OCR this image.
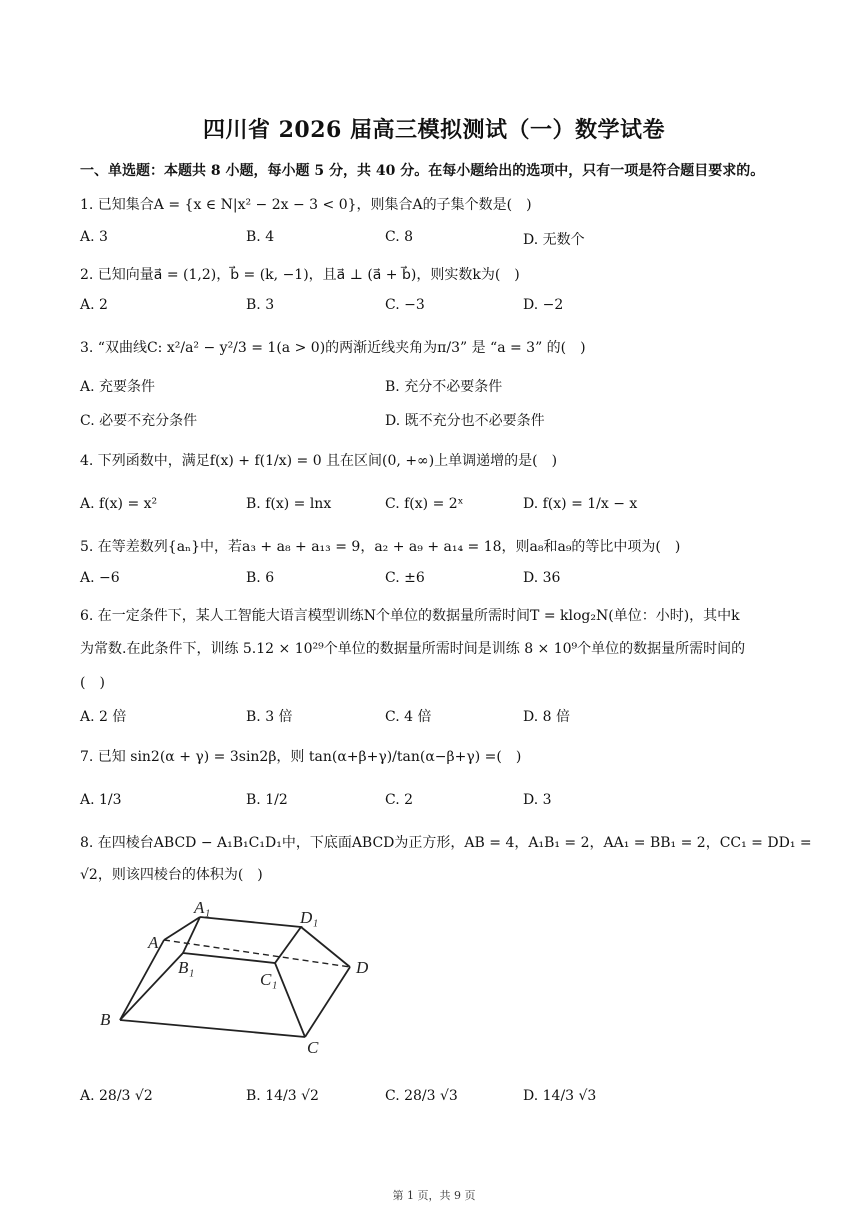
四川省 2026 届高三模拟测试（一）数学试卷
一、单选题：本题共 8 小题，每小题 5 分，共 40 分。在每小题给出的选项中，只有一项是符合题目要求的。
1. 已知集合A = {x ∈ N|x² − 2x − 3 < 0}，则集合A的子集个数是(　)
A. 3	B. 4	C. 8	D. 无数个
2. 已知向量a⃗ = (1,2)，b⃗ = (k, −1)，且a⃗ ⊥ (a⃗ + b⃗)，则实数k为(　)
A. 2	B. 3	C. −3	D. −2
3. “双曲线C: x²/a² − y²/3 = 1(a > 0)的两渐近线夹角为π/3” 是 “a = 3” 的(　)
A. 充要条件	B. 充分不必要条件
C. 必要不充分条件	D. 既不充分也不必要条件
4. 下列函数中，满足f(x) + f(1/x) = 0 且在区间(0, +∞)上单调递增的是(　)
A. f(x) = x²	B. f(x) = lnx	C. f(x) = 2ˣ	D. f(x) = 1/x − x
5. 在等差数列{aₙ}中，若a₃ + a₈ + a₁₃ = 9，a₂ + a₉ + a₁₄ = 18，则a₈和a₉的等比中项为(　)
A. −6	B. 6	C. ±6	D. 36
6. 在一定条件下，某人工智能大语言模型训练N个单位的数据量所需时间T = klog₂N(单位：小时)，其中k
为常数.在此条件下，训练 5.12 × 10²⁹个单位的数据量所需时间是训练 8 × 10⁹个单位的数据量所需时间的
(　)
A. 2 倍	B. 3 倍	C. 4 倍	D. 8 倍
7. 已知 sin2(α + γ) = 3sin2β，则 tan(α+β+γ)/tan(α−β+γ) =(　)
A. 1/3	B. 1/2	C. 2	D. 3
8. 在四棱台ABCD − A₁B₁C₁D₁中，下底面ABCD为正方形，AB = 4，A₁B₁ = 2，AA₁ = BB₁ = 2，CC₁ = DD₁ =
√2，则该四棱台的体积为(　)
A₁
D₁
A
B₁
C₁
D
B
C
A. 28/3 √2	B. 14/3 √2	C. 28/3 √3	D. 14/3 √3
第 1 页，共 9 页
